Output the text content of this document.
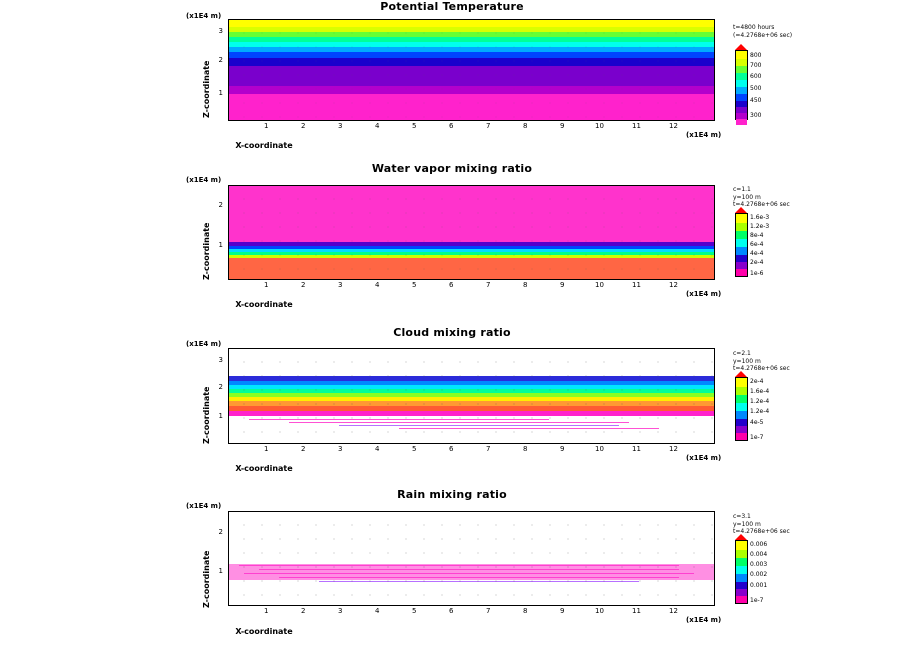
Potential Temperature
(x1E4 m)
Z-coordinate
3
2
1
1	2	3	4	5	6	7	8	9	10	11	12
(x1E4 m)
X-coordinate
t=4800 hours
(=4.2768e+06 sec)
800
700
600
500
450
300
Water vapor mixing ratio
(x1E4 m)
Z-coordinate
2
1
1	2	3	4	5	6	7	8	9	10	11	12
(x1E4 m)
X-coordinate
c=1.1
y=100 m
t=4.2768e+06 sec
1.6e-3
1.2e-3
8e-4
6e-4
4e-4
2e-4
1e-6
Cloud mixing ratio
(x1E4 m)
Z-coordinate
3
2
1
1	2	3	4	5	6	7	8	9	10	11	12
(x1E4 m)
X-coordinate
c=2.1
y=100 m
t=4.2768e+06 sec
2e-4
1.6e-4
1.2e-4
1.2e-4
4e-5
1e-7
Rain mixing ratio
(x1E4 m)
Z-coordinate
2
1
1	2	3	4	5	6	7	8	9	10	11	12
(x1E4 m)
X-coordinate
c=3.1
y=100 m
t=4.2768e+06 sec
0.006
0.004
0.003
0.002
0.001
1e-7
